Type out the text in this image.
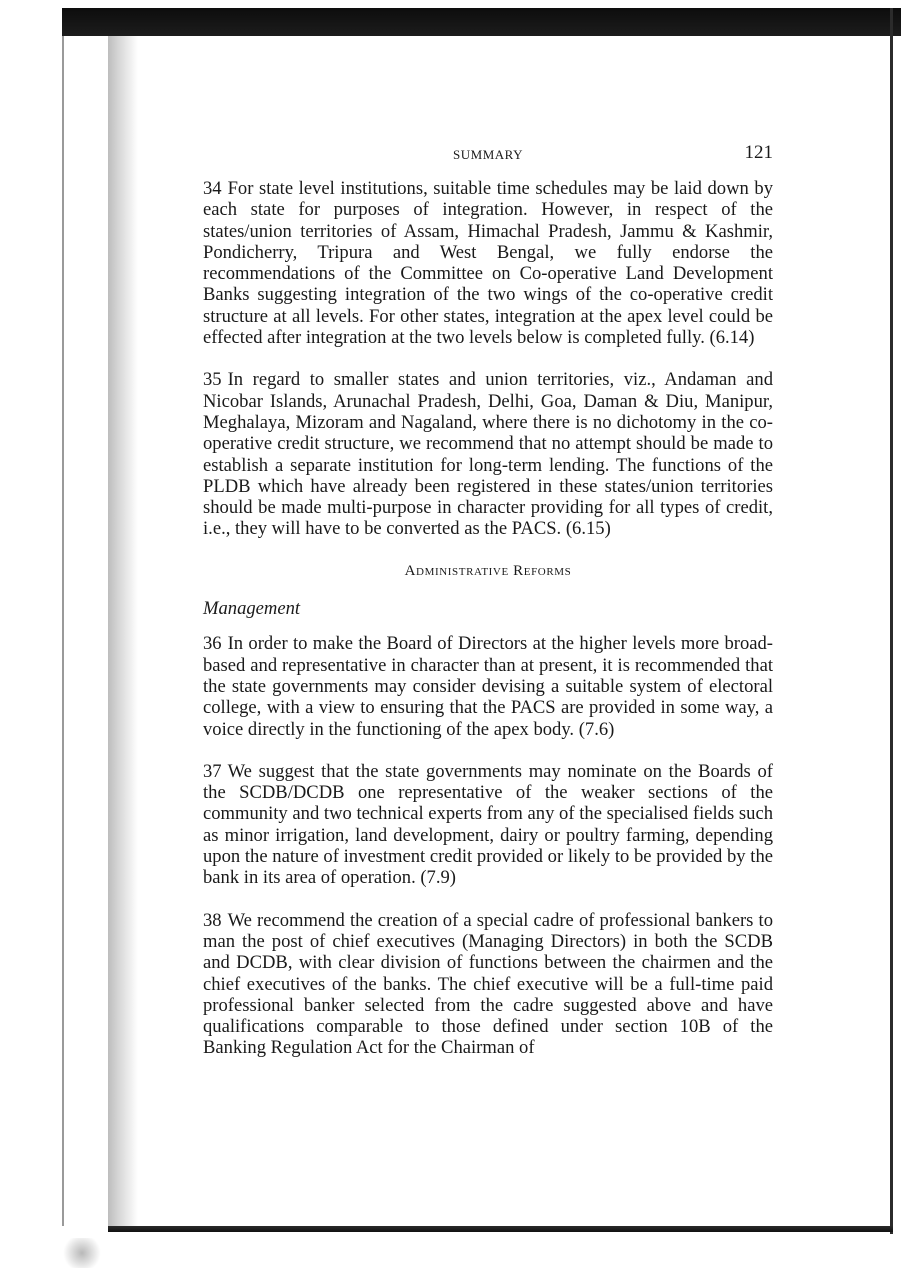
SUMMARY	121

34 For state level institutions, suitable time schedules may be laid down by each state for purposes of integration. However, in respect of the states/union territories of Assam, Himachal Pradesh, Jammu & Kashmir, Pondicherry, Tripura and West Bengal, we fully endorse the recommendations of the Committee on Co-operative Land Development Banks suggesting integration of the two wings of the co-operative credit structure at all levels. For other states, integration at the apex level could be effected after integration at the two levels below is completed fully. (6.14)

35 In regard to smaller states and union territories, viz., Andaman and Nicobar Islands, Arunachal Pradesh, Delhi, Goa, Daman & Diu, Manipur, Meghalaya, Mizoram and Nagaland, where there is no dichotomy in the co-operative credit structure, we recommend that no attempt should be made to establish a separate institution for long-term lending. The functions of the PLDB which have already been registered in these states/union territories should be made multi-purpose in character providing for all types of credit, i.e., they will have to be converted as the PACS. (6.15)

Administrative Reforms
Management

36 In order to make the Board of Directors at the higher levels more broad-based and representative in character than at present, it is recommended that the state governments may consider devising a suitable system of electoral college, with a view to ensuring that the PACS are provided in some way, a voice directly in the functioning of the apex body. (7.6)

37 We suggest that the state governments may nominate on the Boards of the SCDB/DCDB one representative of the weaker sections of the community and two technical experts from any of the specialised fields such as minor irrigation, land development, dairy or poultry farming, depending upon the nature of investment credit provided or likely to be provided by the bank in its area of operation. (7.9)

38 We recommend the creation of a special cadre of professional bankers to man the post of chief executives (Managing Directors) in both the SCDB and DCDB, with clear division of functions between the chairmen and the chief executives of the banks. The chief executive will be a full-time paid professional banker selected from the cadre suggested above and have qualifications comparable to those defined under section 10B of the Banking Regulation Act for the Chairman of
